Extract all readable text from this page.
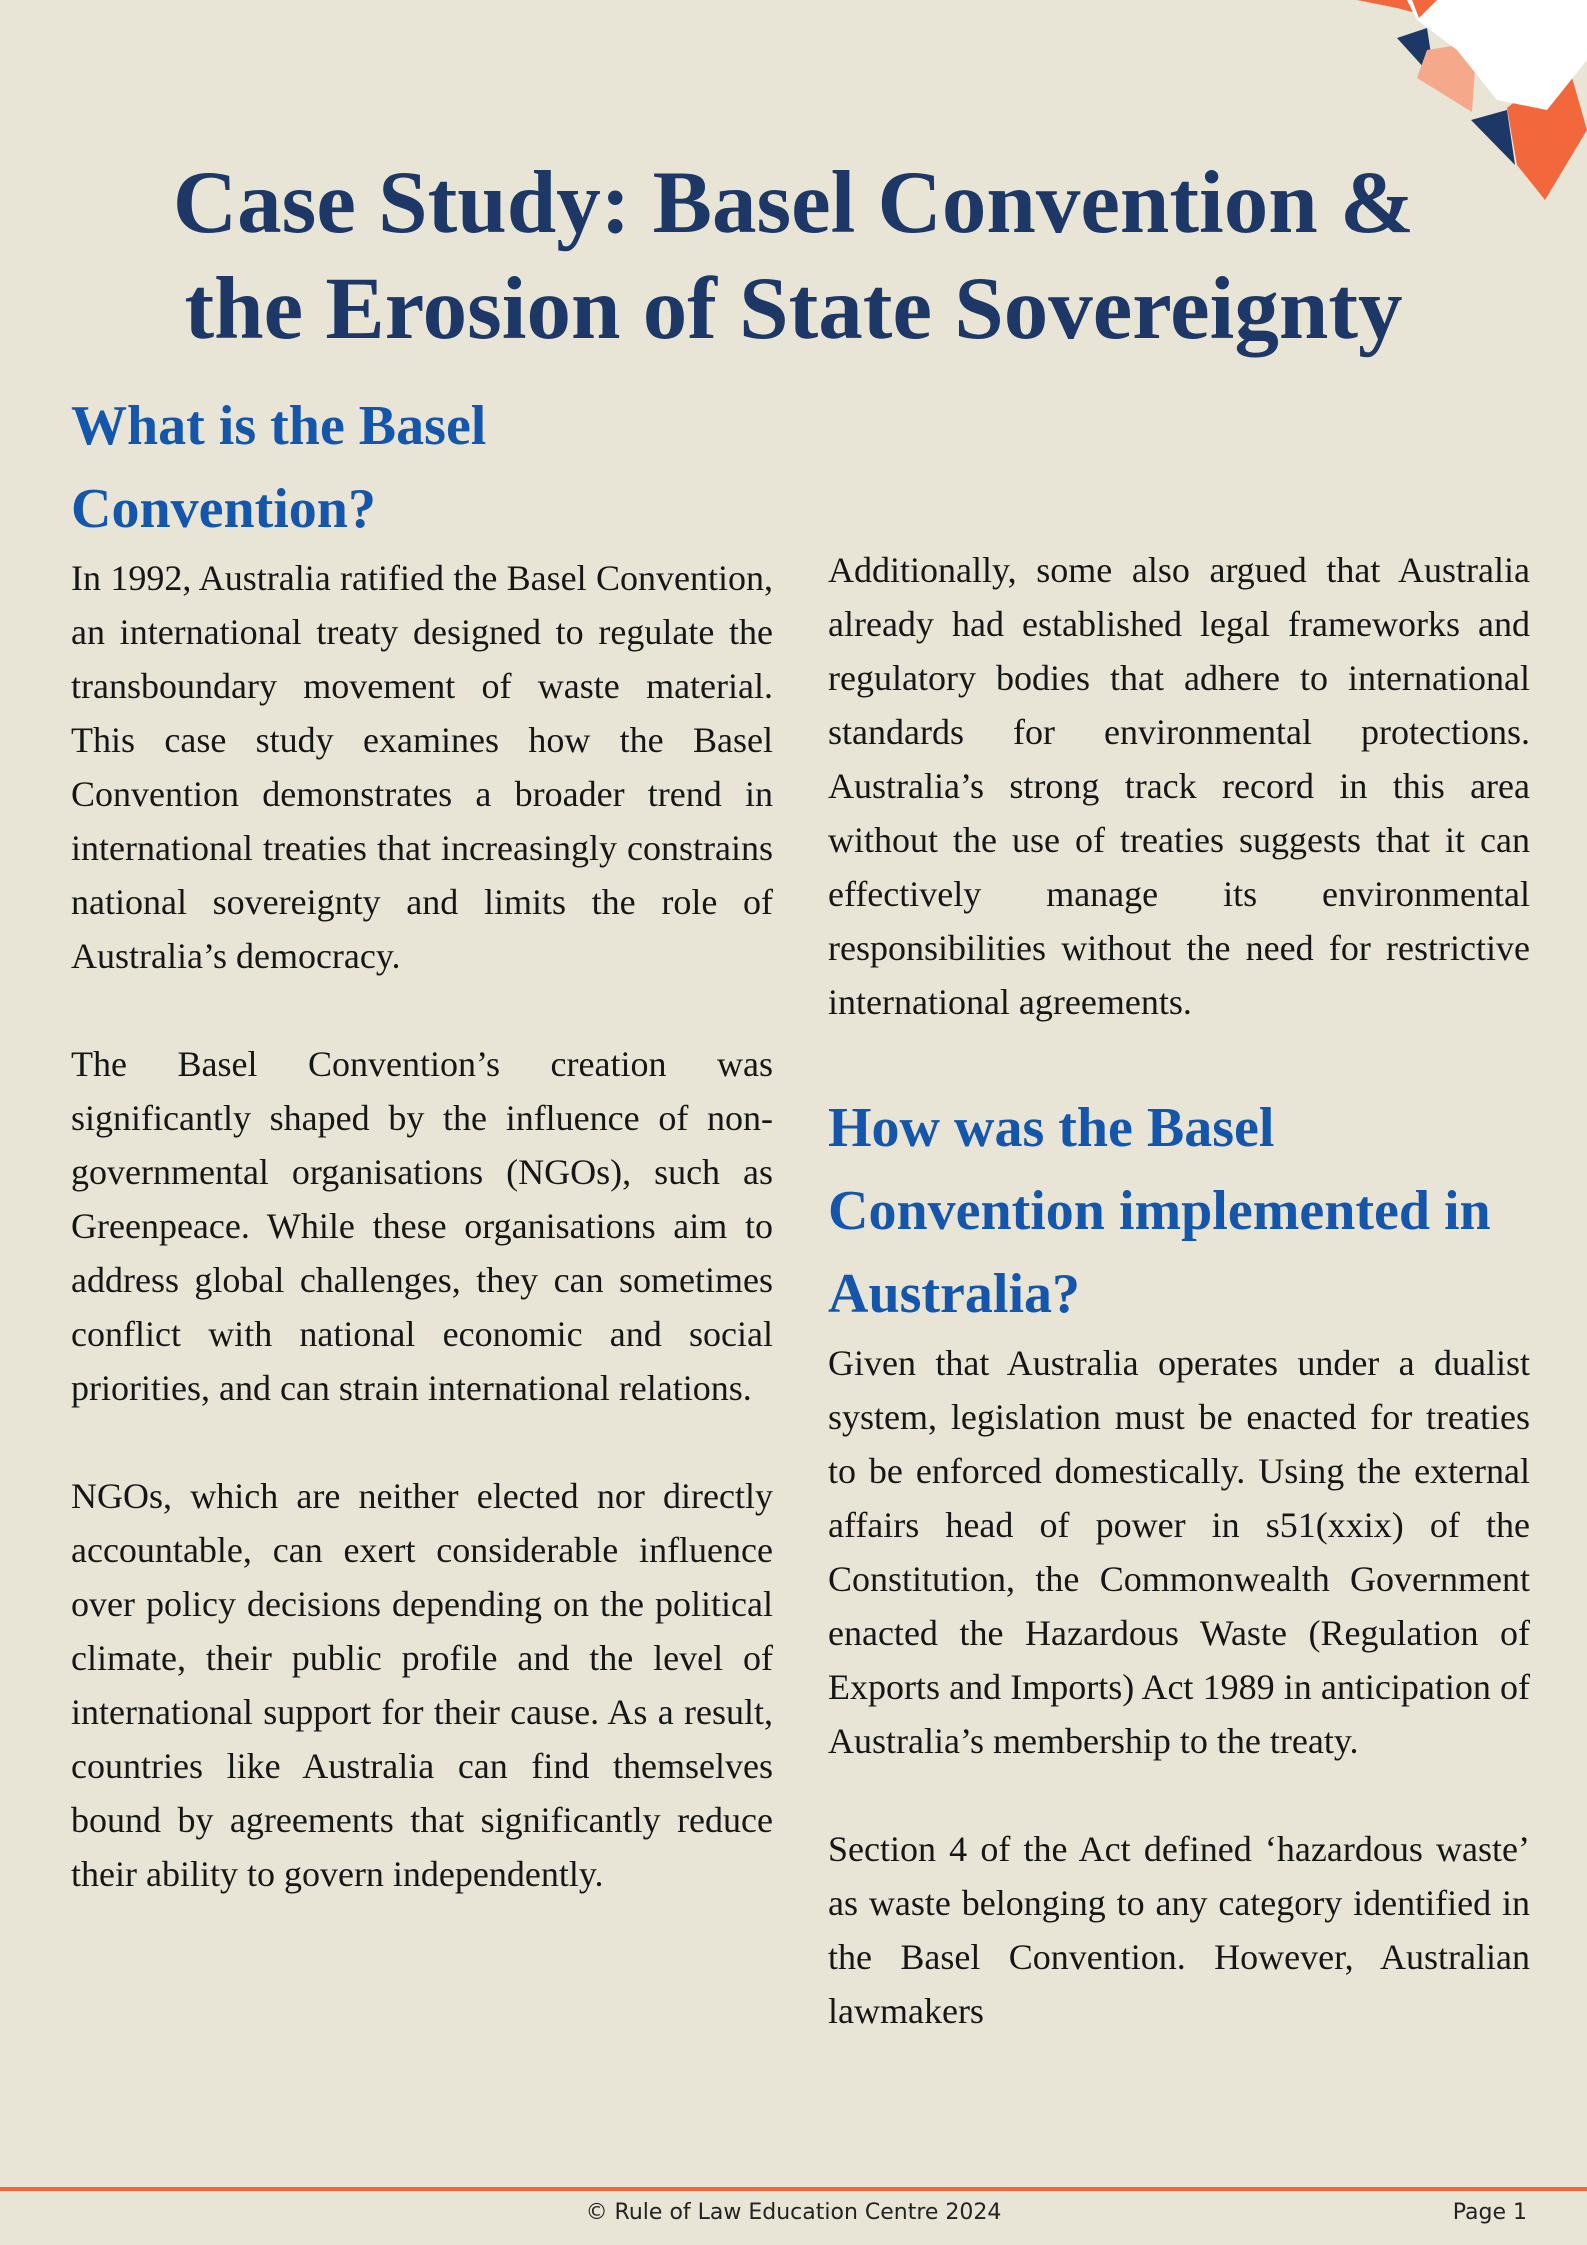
Case Study: Basel Convention &
the Erosion of State Sovereignty
What is the Basel Convention?

In 1992, Australia ratified the Basel Convention, an international treaty designed to regulate the transboundary movement of waste material. This case study examines how the Basel Convention demonstrates a broader trend in international treaties that increasingly constrains national sovereignty and limits the role of Australia’s democracy.

The Basel Convention’s creation was significantly shaped by the influence of non-governmental organisations (NGOs), such as Greenpeace. While these organisations aim to address global challenges, they can sometimes conflict with national economic and social priorities, and can strain international relations.

NGOs, which are neither elected nor directly accountable, can exert considerable influence over policy decisions depending on the political climate, their public profile and the level of international support for their cause. As a result, countries like Australia can find themselves bound by agreements that significantly reduce their ability to govern independently.

Additionally, some also argued that Australia already had established legal frameworks and regulatory bodies that adhere to international standards for environmental protections. Australia’s strong track record in this area without the use of treaties suggests that it can effectively manage its environmental responsibilities without the need for restrictive international agreements.

How was the Basel Convention implemented in Australia?

Given that Australia operates under a dualist system, legislation must be enacted for treaties to be enforced domestically. Using the external affairs head of power in s51(xxix) of the Constitution, the Commonwealth Government enacted the Hazardous Waste (Regulation of Exports and Imports) Act 1989 in anticipation of Australia’s membership to the treaty.

Section 4 of the Act defined ‘hazardous waste’ as waste belonging to any category identified in the Basel Convention. However, Australian lawmakers

© Rule of Law Education Centre 2024	Page 1
